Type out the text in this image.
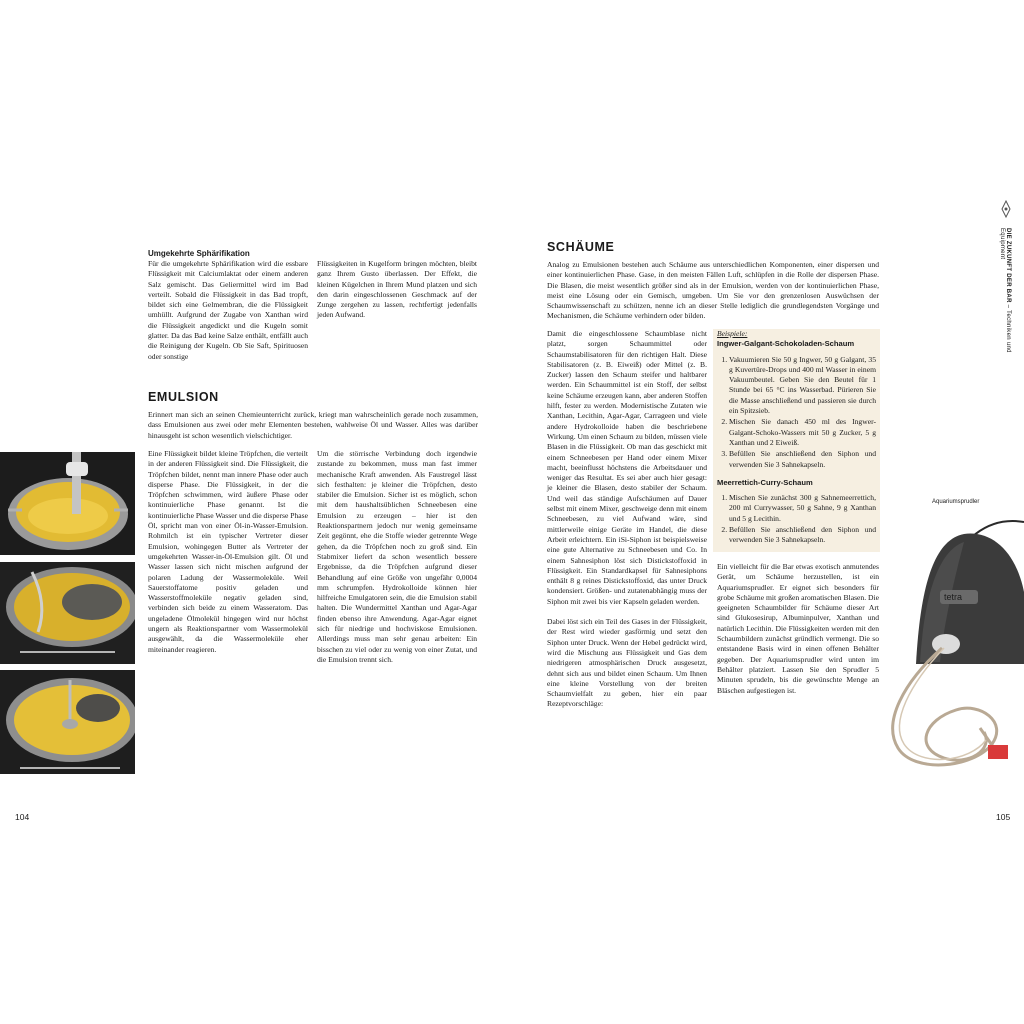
Umgekehrte Sphärifikation

Für die umgekehrte Sphärifikation wird die essbare Flüssigkeit mit Calciumlaktat oder einem anderen Salz gemischt. Das Geliermittel wird im Bad verteilt. Sobald die Flüssigkeit in das Bad tropft, bildet sich eine Gelmembran, die die Flüssigkeit umhüllt. Aufgrund der Zugabe von Xanthan wird die Flüssigkeit angedickt und die Kugeln somit glatter. Da das Bad keine Salze enthält, entfällt auch die Reinigung der Kugeln. Ob Sie Saft, Spirituosen oder sonstige

Flüssigkeiten in Kugelform bringen möchten, bleibt ganz Ihrem Gusto überlassen. Der Effekt, die kleinen Kügelchen in Ihrem Mund platzen und sich den darin eingeschlossenen Geschmack auf der Zunge zergehen zu lassen, rechtfertigt jedenfalls jeden Aufwand.

EMULSION

Erinnert man sich an seinen Chemieunterricht zurück, kriegt man wahrscheinlich gerade noch zusammen, dass Emulsionen aus zwei oder mehr Elementen bestehen, wahlweise Öl und Wasser. Alles was darüber hinausgeht ist schon wesentlich vielschichtiger.

Eine Flüssigkeit bildet kleine Tröpfchen, die verteilt in der anderen Flüssigkeit sind. Die Flüssigkeit, die Tröpfchen bildet, nennt man innere Phase oder auch disperse Phase. Die Flüssigkeit, in der die Tröpfchen schwimmen, wird äußere Phase oder kontinuierliche Phase genannt. Ist die kontinuierliche Phase Wasser und die disperse Phase Öl, spricht man von einer Öl-in-Wasser-Emulsion. Rohmilch ist ein typischer Vertreter dieser Emulsion, wohingegen Butter als Vertreter der umgekehrten Wasser-in-Öl-Emulsion gilt. Öl und Wasser lassen sich nicht mischen aufgrund der polaren Ladung der Wassermoleküle. Weil Sauerstoffatome positiv geladen und Wasserstoffmoleküle negativ geladen sind, verbinden sich beide zu einem Wasseratom. Das ungeladene Ölmolekül hingegen wird nur höchst ungern als Reaktionspartner vom Wassermolekül ausgewählt, da die Wassermoleküle eher miteinander reagieren.

Um die störrische Verbindung doch irgendwie zustande zu bekommen, muss man fast immer mechanische Kraft anwenden. Als Faustregel lässt sich festhalten: je kleiner die Tröpfchen, desto stabiler die Emulsion. Sicher ist es möglich, schon mit dem haushaltsüblichen Schneebesen eine Emulsion zu erzeugen – hier ist den Reaktionspartnern jedoch nur wenig gemeinsame Zeit gegönnt, ehe die Stoffe wieder getrennte Wege gehen, da die Tröpfchen noch zu groß sind. Ein Stabmixer liefert da schon wesentlich bessere Ergebnisse, da die Tröpfchen aufgrund dieser Behandlung auf eine Größe von ungefähr 0,0004 mm schrumpfen. Hydrokolloide können hier hilfreiche Emulgatoren sein, die die Emulsion stabil halten. Die Wundermittel Xanthan und Agar-Agar finden ebenso ihre Anwendung. Agar-Agar eignet sich für niedrige und hochviskose Emulsionen. Allerdings muss man sehr genau arbeiten: Ein bisschen zu viel oder zu wenig von einer Zutat, und die Emulsion trennt sich.

104

SCHÄUME

Analog zu Emulsionen bestehen auch Schäume aus unterschiedlichen Komponenten, einer dispersen und einer kontinuierlichen Phase. Gase, in den meisten Fällen Luft, schlüpfen in die Rolle der dispersen Phase. Die Blasen, die meist wesentlich größer sind als in der Emulsion, werden von der kontinuierlichen Phase, meist eine Lösung oder ein Gemisch, umgeben. Um Sie vor den grenzenlosen Auswüchsen der Schaumwissenschaft zu schützen, nenne ich an dieser Stelle lediglich die grundlegendsten Vorgänge und Mechanismen, die Schäume verhindern oder bilden.

Damit die eingeschlossene Schaumblase nicht platzt, sorgen Schaummittel oder Schaumstabilisatoren für den richtigen Halt. Diese Stabilisatoren (z. B. Eiweiß) oder Mittel (z. B. Zucker) lassen den Schaum steifer und haltbarer werden. Ein Schaummittel ist ein Stoff, der selbst keine Schäume erzeugen kann, aber anderen Stoffen hilft, fester zu werden. Modernistische Zutaten wie Xanthan, Lecithin, Agar-Agar, Carrageen und viele andere Hydrokolloide haben die beschriebene Wirkung. Um einen Schaum zu bilden, müssen viele Blasen in die Flüssigkeit. Ob man das geschickt mit einem Schneebesen per Hand oder einem Mixer macht, beeinflusst höchstens die Arbeitsdauer und weniger das Resultat. Es sei aber auch hier gesagt: je kleiner die Blasen, desto stabiler der Schaum. Und weil das ständige Aufschäumen auf Dauer selbst mit einem Mixer, geschweige denn mit einem Schneebesen, zu viel Aufwand wäre, sind mittlerweile einige Geräte im Handel, die diese Arbeit erleichtern. Ein iSi-Siphon ist beispielsweise eine gute Alternative zu Schneebesen und Co. In einem Sahnesiphon löst sich Distickstoffoxid in Flüssigkeit. Ein Standardkapsel für Sahnesiphons enthält 8 g reines Distickstoffoxid, das unter Druck kondensiert. Größen- und zutatenabhängig muss der Siphon mit zwei bis vier Kapseln geladen werden.

Dabei löst sich ein Teil des Gases in der Flüssigkeit, der Rest wird wieder gasförmig und setzt den Siphon unter Druck. Wenn der Hebel gedrückt wird, wird die Mischung aus Flüssigkeit und Gas dem niedrigeren atmosphärischen Druck ausgesetzt, dehnt sich aus und bildet einen Schaum. Um Ihnen eine kleine Vorstellung von der breiten Schaumvielfalt zu geben, hier ein paar Rezeptvorschläge:

Beispiele:

Ingwer-Galgant-Schokoladen-Schaum

1. Vakuumieren Sie 50 g Ingwer, 50 g Galgant, 35 g Kuvertüre-Drops und 400 ml Wasser in einem Vakuumbeutel. Geben Sie den Beutel für 1 Stunde bei 65 °C ins Wasserbad. Pürieren Sie die Masse anschließend und passieren sie durch ein Spitzsieb.
2. Mischen Sie danach 450 ml des Ingwer-Galgant-Schoko-Wassers mit 50 g Zucker, 5 g Xanthan und 2 Eiweiß.
3. Befüllen Sie anschließend den Siphon und verwenden Sie 3 Sahnekapseln.

Meerrettich-Curry-Schaum

1. Mischen Sie zunächst 300 g Sahnemeerrettich, 200 ml Currywasser, 50 g Sahne, 9 g Xanthan und 5 g Lecithin.
2. Befüllen Sie anschließend den Siphon und verwenden Sie 3 Sahnekapseln.

Ein vielleicht für die Bar etwas exotisch anmutendes Gerät, um Schäume herzustellen, ist ein Aquariumsprudler. Er eignet sich besonders für grobe Schäume mit großen aromatischen Blasen. Die geeigneten Schaumbilder für Schäume dieser Art sind Glukosesirup, Albuminpulver, Xanthan und natürlich Lecithin. Die Flüssigkeiten werden mit den Schaumbildern zunächst gründlich vermengt. Die so entstandene Basis wird in einen offenen Behälter gegeben. Der Aquariumsprudler wird unten im Behälter platziert. Lassen Sie den Sprudler 5 Minuten sprudeln, bis die gewünschte Menge an Bläschen aufgestiegen ist.

Aquariumsprudler
tetra
DIE ZUKUNFT DER BAR – Techniken und Equipment
105
